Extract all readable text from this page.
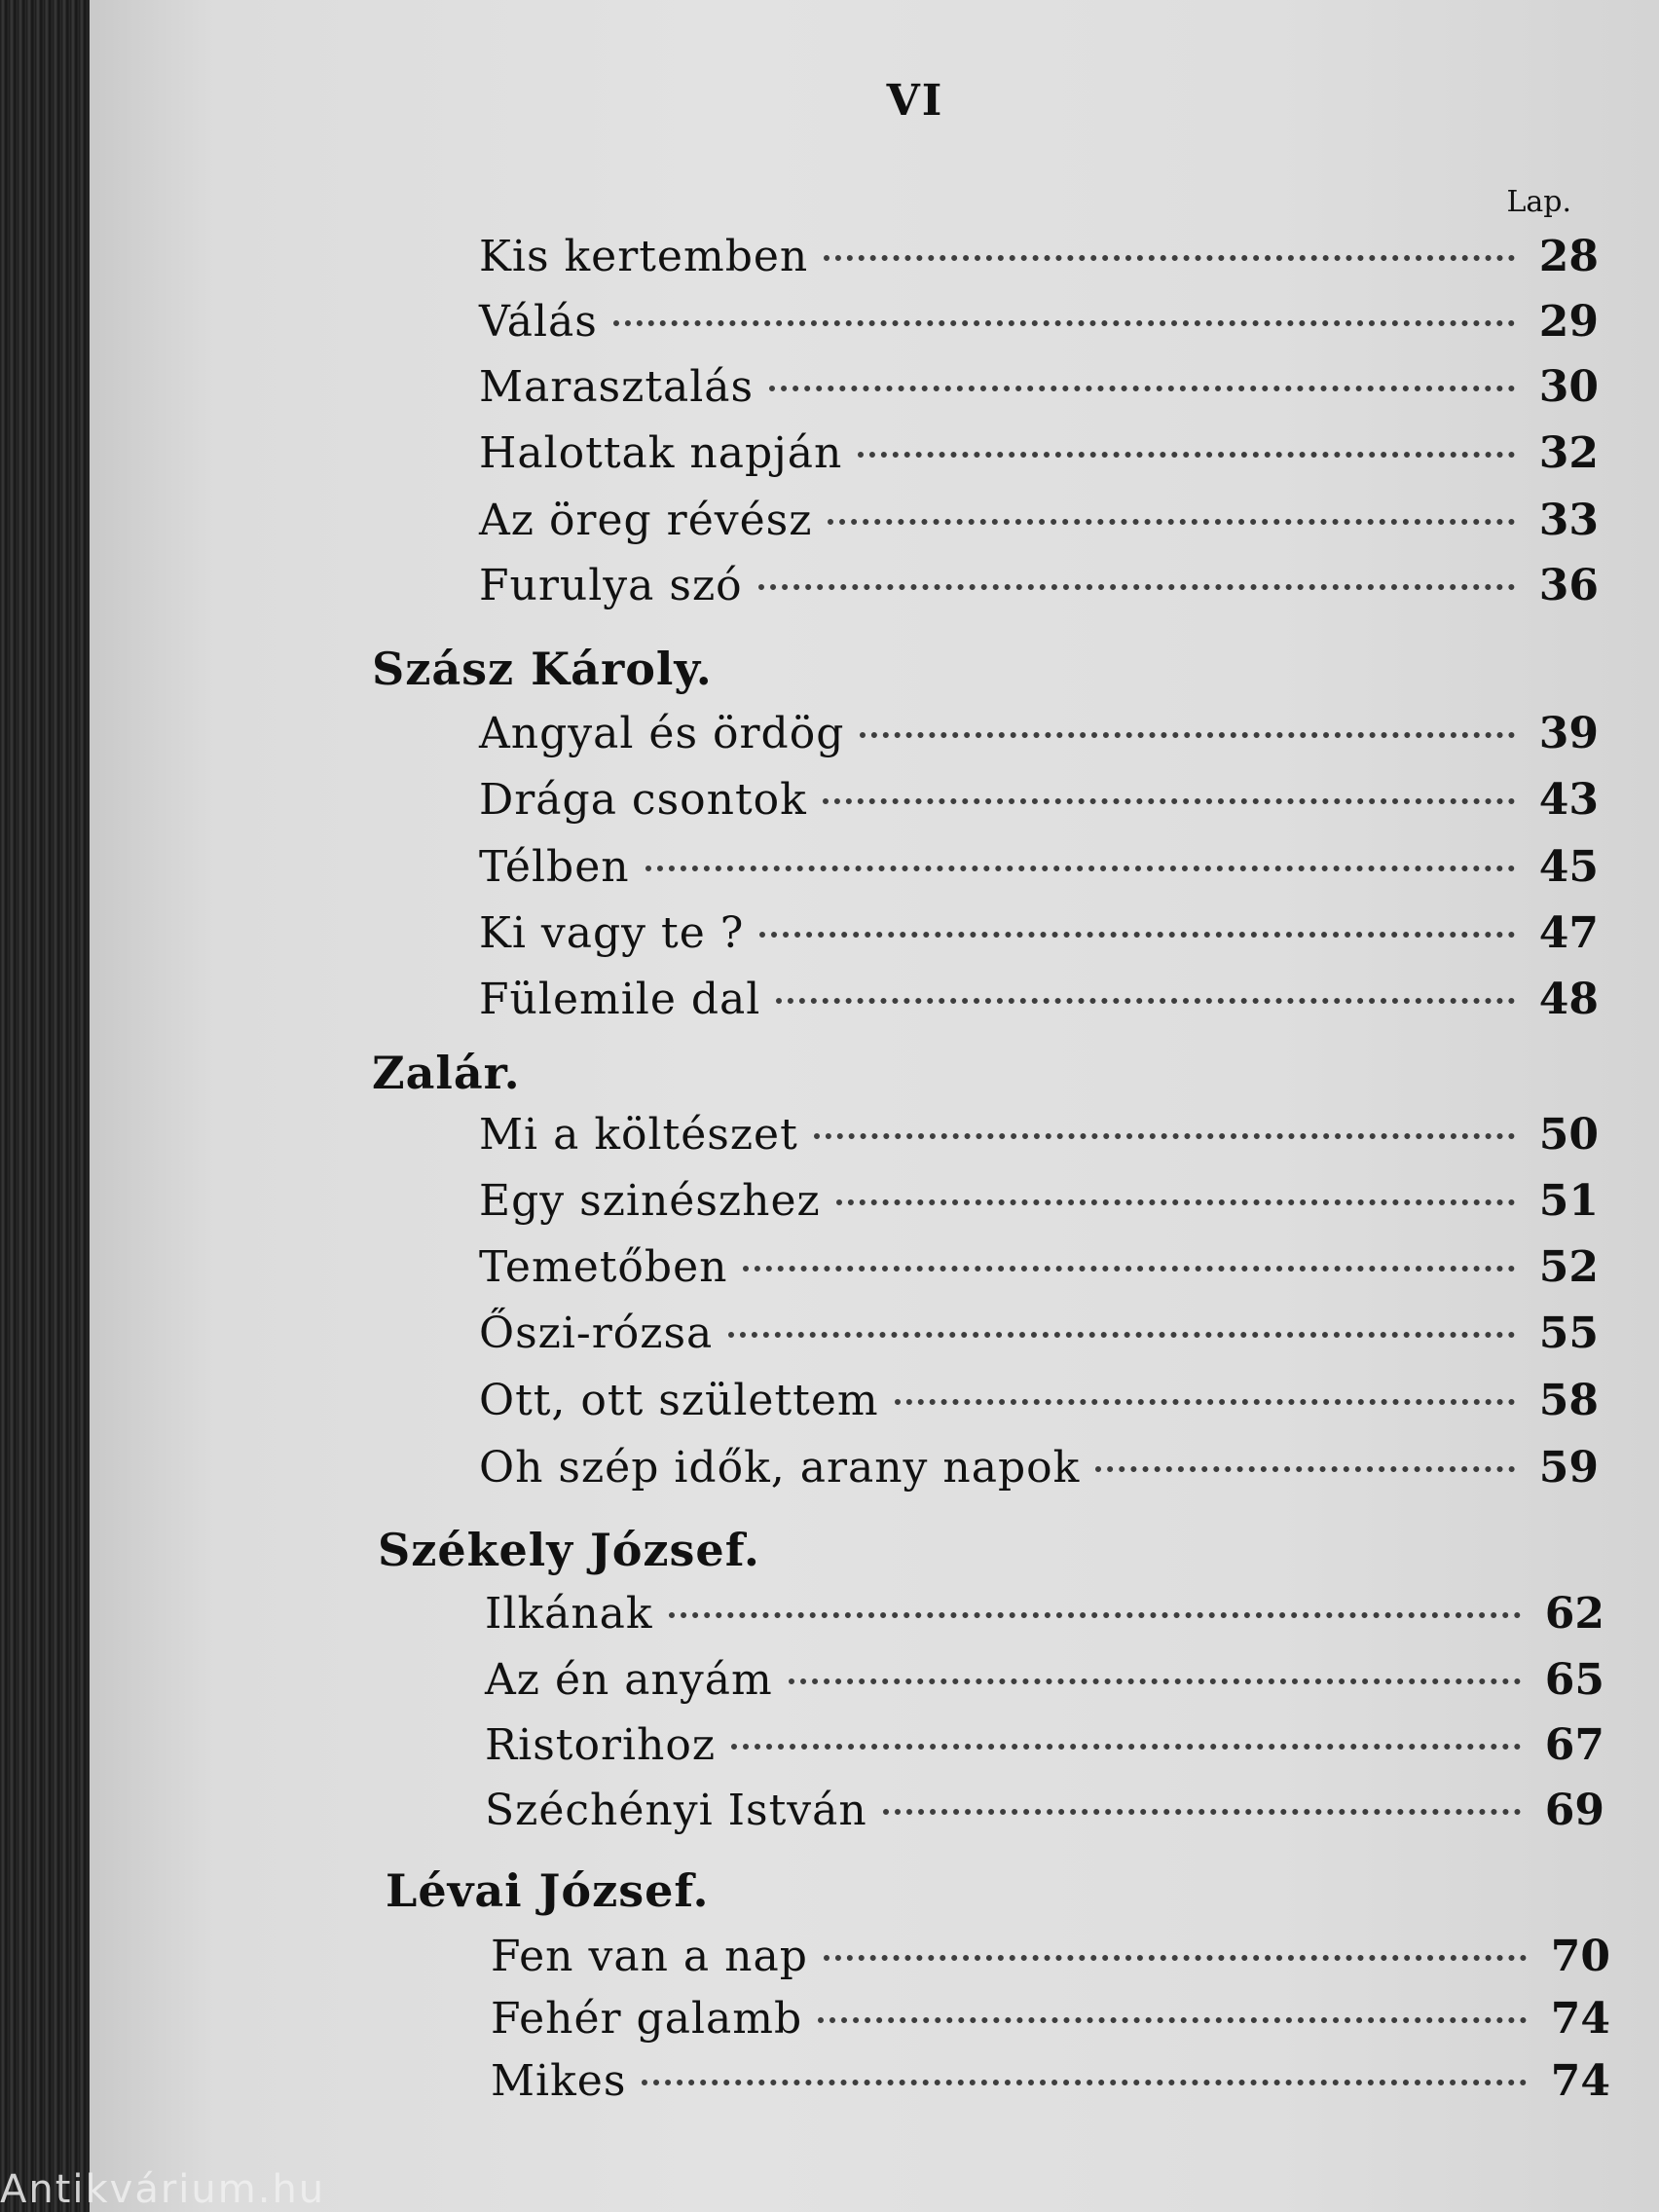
VI
Lap.
Kis kertemben	28
Válás	29
Marasztalás	30
Halottak napján	32
Az öreg révész	33
Furulya szó	36
Szász Károly.
Angyal és ördög	39
Drága csontok	43
Télben	45
Ki vagy te ?	47
Fülemile dal	48
Zalár.
Mi a költészet	50
Egy szinészhez	51
Temetőben	52
Őszi-rózsa	55
Ott, ott születtem	58
Oh szép idők, arany napok	59
Székely József.
Ilkának	62
Az én anyám	65
Ristorihoz	67
Széchényi István	69
Lévai József.
Fen van a nap	70
Fehér galamb	74
Mikes	74
Antikvárium.hu
